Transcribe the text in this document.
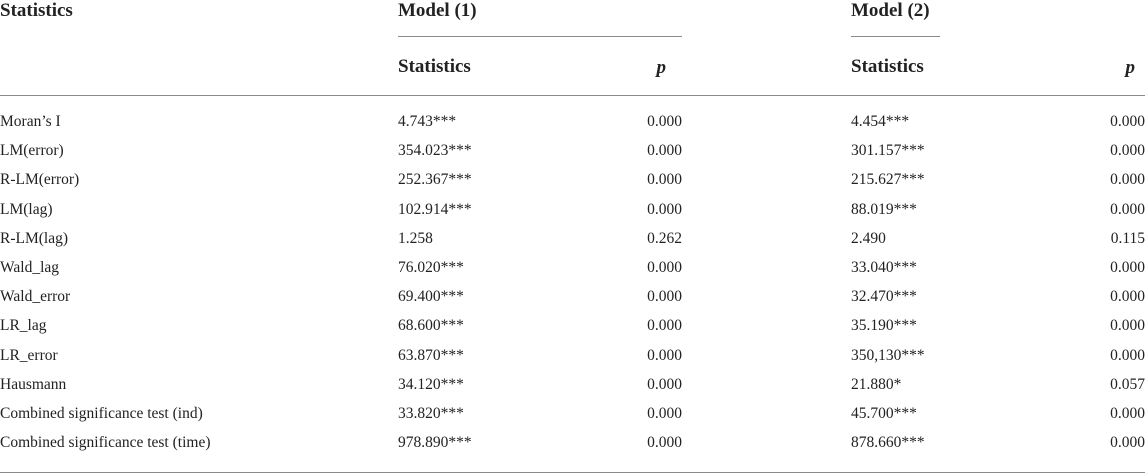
Statistics	Model (1)	Model (2)
Statistics	p	Statistics	p
Moran’s I	4.743***	0.000	4.454***	0.000
LM(error)	354.023***	0.000	301.157***	0.000
R-LM(error)	252.367***	0.000	215.627***	0.000
LM(lag)	102.914***	0.000	88.019***	0.000
R-LM(lag)	1.258	0.262	2.490	0.115
Wald_lag	76.020***	0.000	33.040***	0.000
Wald_error	69.400***	0.000	32.470***	0.000
LR_lag	68.600***	0.000	35.190***	0.000
LR_error	63.870***	0.000	350,130***	0.000
Hausmann	34.120***	0.000	21.880*	0.057
Combined significance test (ind)	33.820***	0.000	45.700***	0.000
Combined significance test (time)	978.890***	0.000	878.660***	0.000
